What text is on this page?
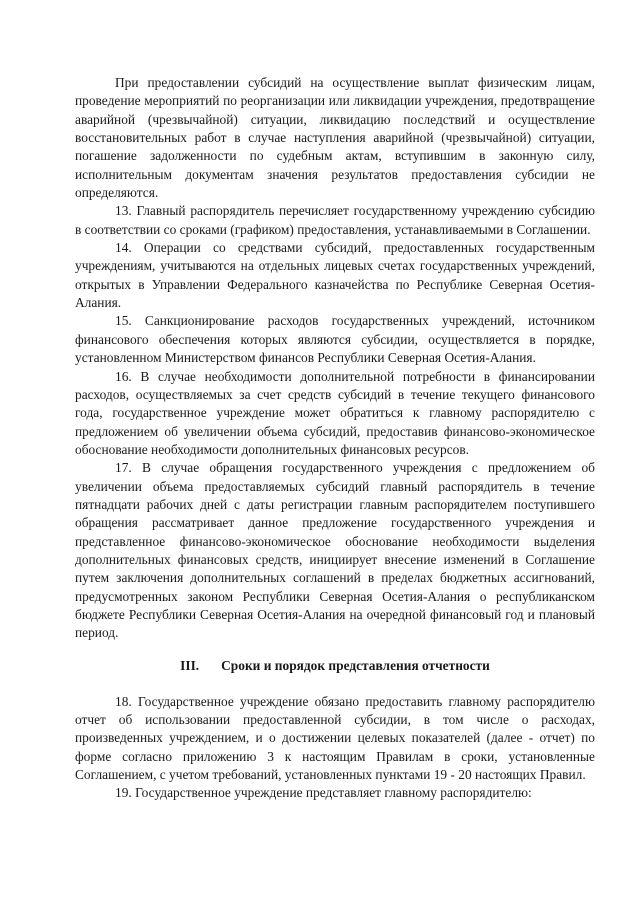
При предоставлении субсидий на осуществление выплат физическим лицам, проведение мероприятий по реорганизации или ликвидации учреждения, предотвращение аварийной (чрезвычайной) ситуации, ликвидацию последствий и осуществление восстановительных работ в случае наступления аварийной (чрезвычайной) ситуации, погашение задолженности по судебным актам, вступившим в законную силу, исполнительным документам значения результатов предоставления субсидии не определяются.

13. Главный распорядитель перечисляет государственному учреждению субсидию в соответствии со сроками (графиком) предоставления, устанавливаемыми в Соглашении.

14. Операции со средствами субсидий, предоставленных государственным учреждениям, учитываются на отдельных лицевых счетах государственных учреждений, открытых в Управлении Федерального казначейства по Республике Северная Осетия-Алания.

15. Санкционирование расходов государственных учреждений, источником финансового обеспечения которых являются субсидии, осуществляется в порядке, установленном Министерством финансов Республики Северная Осетия-Алания.

16. В случае необходимости дополнительной потребности в финансировании расходов, осуществляемых за счет средств субсидий в течение текущего финансового года, государственное учреждение может обратиться к главному распорядителю с предложением об увеличении объема субсидий, предоставив финансово-экономическое обоснование необходимости дополнительных финансовых ресурсов.

17. В случае обращения государственного учреждения с предложением об увеличении объема предоставляемых субсидий главный распорядитель в течение пятнадцати рабочих дней с даты регистрации главным распорядителем поступившего обращения рассматривает данное предложение государственного учреждения и представленное финансово-экономическое обоснование необходимости выделения дополнительных финансовых средств, инициирует внесение изменений в Соглашение путем заключения дополнительных соглашений в пределах бюджетных ассигнований, предусмотренных законом Республики Северная Осетия-Алания о республиканском бюджете Республики Северная Осетия-Алания на очередной финансовый год и плановый период.

III. Сроки и порядок представления отчетности

18. Государственное учреждение обязано предоставить главному распорядителю отчет об использовании предоставленной субсидии, в том числе о расходах, произведенных учреждением, и о достижении целевых показателей (далее - отчет) по форме согласно приложению 3 к настоящим Правилам в сроки, установленные Соглашением, с учетом требований, установленных пунктами 19 - 20 настоящих Правил.

19. Государственное учреждение представляет главному распорядителю:
